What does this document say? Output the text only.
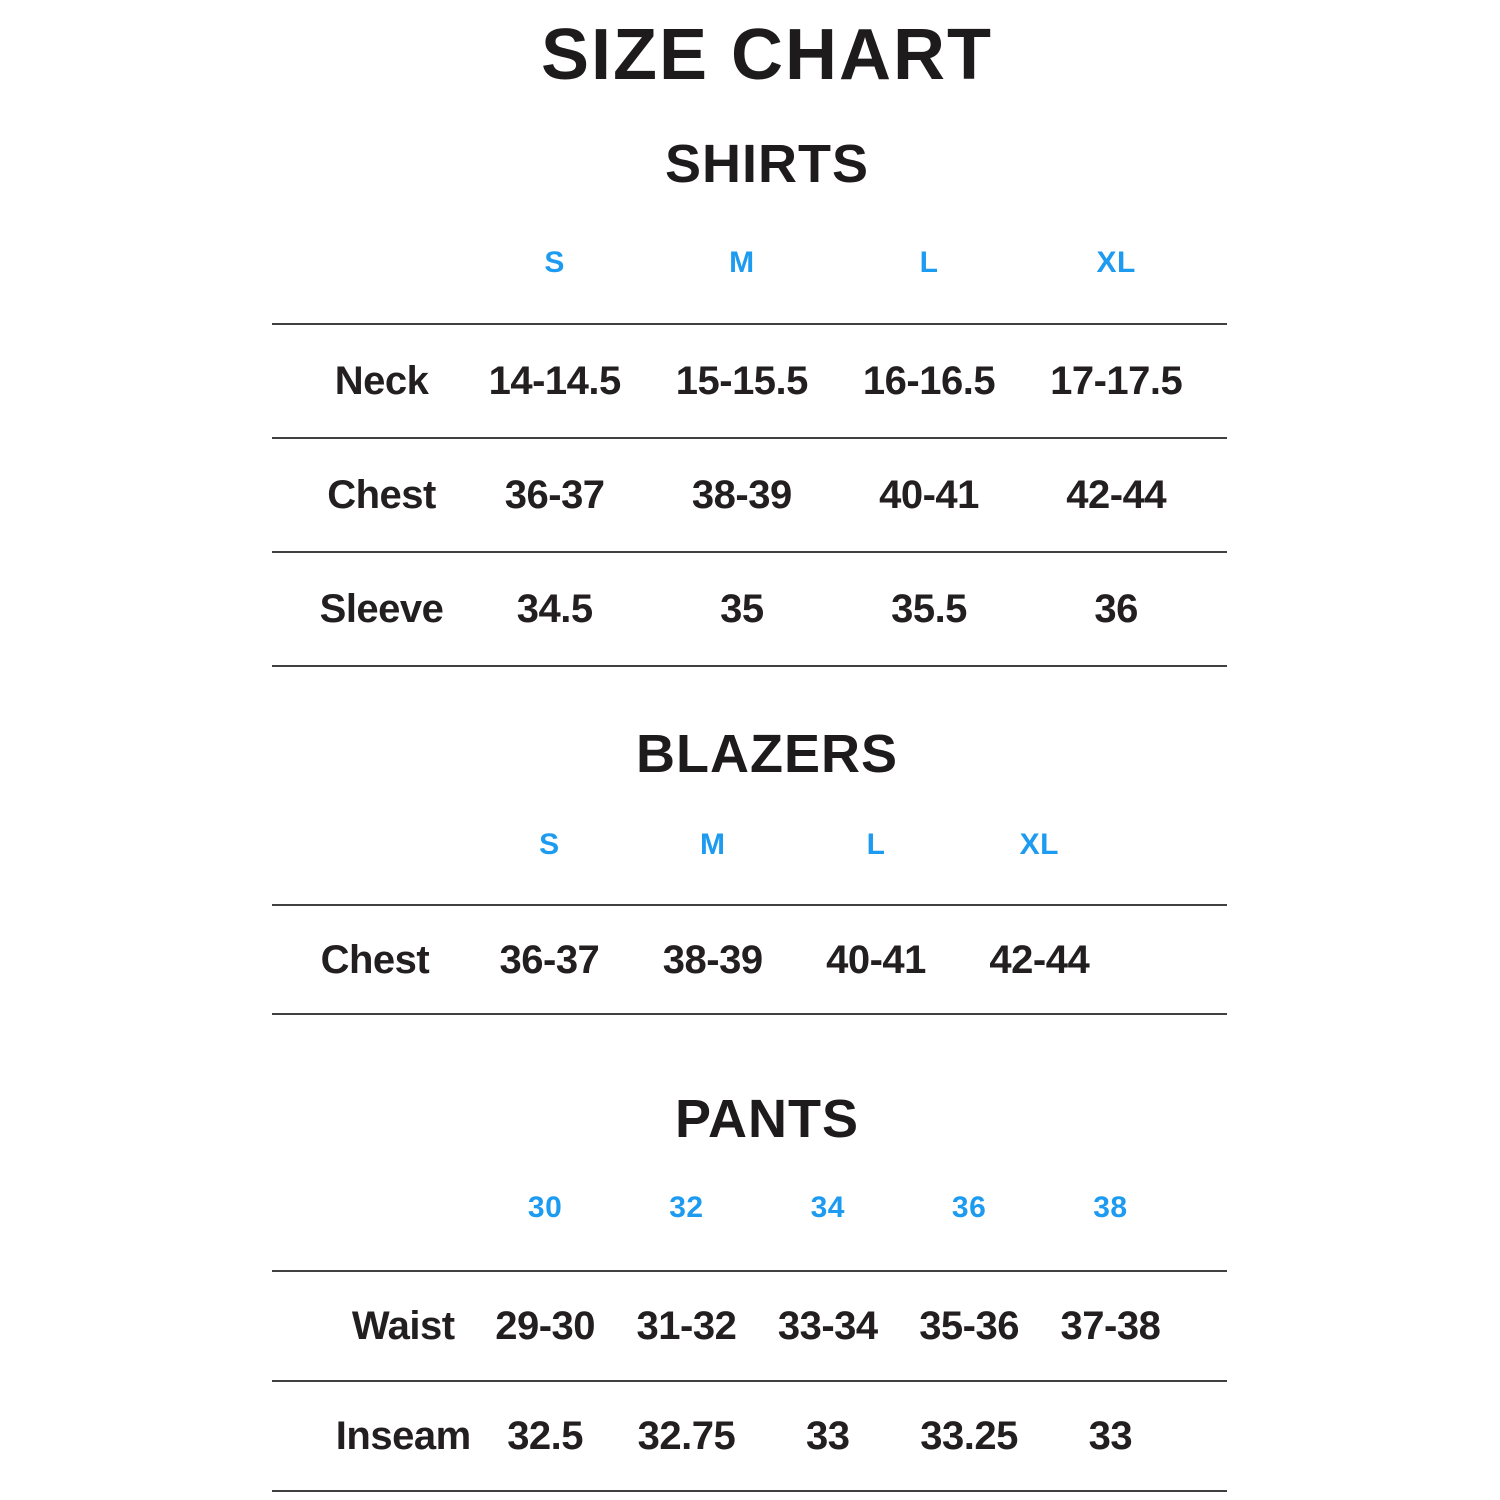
SIZE CHART
SHIRTS
S	M	L	XL
Neck	14-14.5	15-15.5	16-16.5	17-17.5
Chest	36-37	38-39	40-41	42-44
Sleeve	34.5	35	35.5	36
BLAZERS
S	M	L	XL
Chest	36-37	38-39	40-41	42-44
PANTS
30	32	34	36	38
Waist	29-30	31-32	33-34	35-36	37-38
Inseam 32.5	32.75	33	33.25	33
